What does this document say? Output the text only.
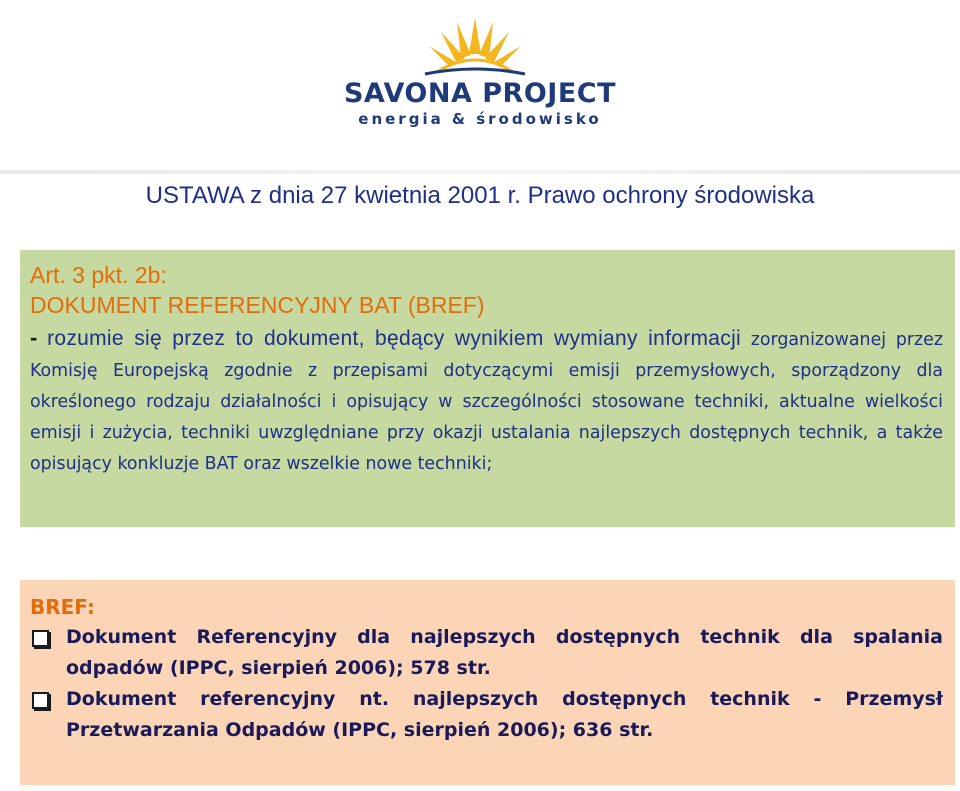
SAVONA PROJECT
energia & środowisko
USTAWA z dnia 27 kwietnia 2001 r. Prawo ochrony środowiska
Art. 3 pkt. 2b:
DOKUMENT REFERENCYJNY BAT (BREF)
- rozumie się przez to dokument, będący wynikiem wymiany informacji zorganizowanej przez Komisję Europejską zgodnie z przepisami dotyczącymi emisji przemysłowych, sporządzony dla określonego rodzaju działalności i opisujący w szczególności stosowane techniki, aktualne wielkości emisji i zużycia, techniki uwzględniane przy okazji ustalania najlepszych dostępnych technik, a także opisujący konkluzje BAT oraz wszelkie nowe techniki;
BREF:
Dokument Referencyjny dla najlepszych dostępnych technik dla spalania odpadów (IPPC, sierpień 2006); 578 str.
Dokument referencyjny nt. najlepszych dostępnych technik - Przemysł Przetwarzania Odpadów (IPPC, sierpień 2006); 636 str.
